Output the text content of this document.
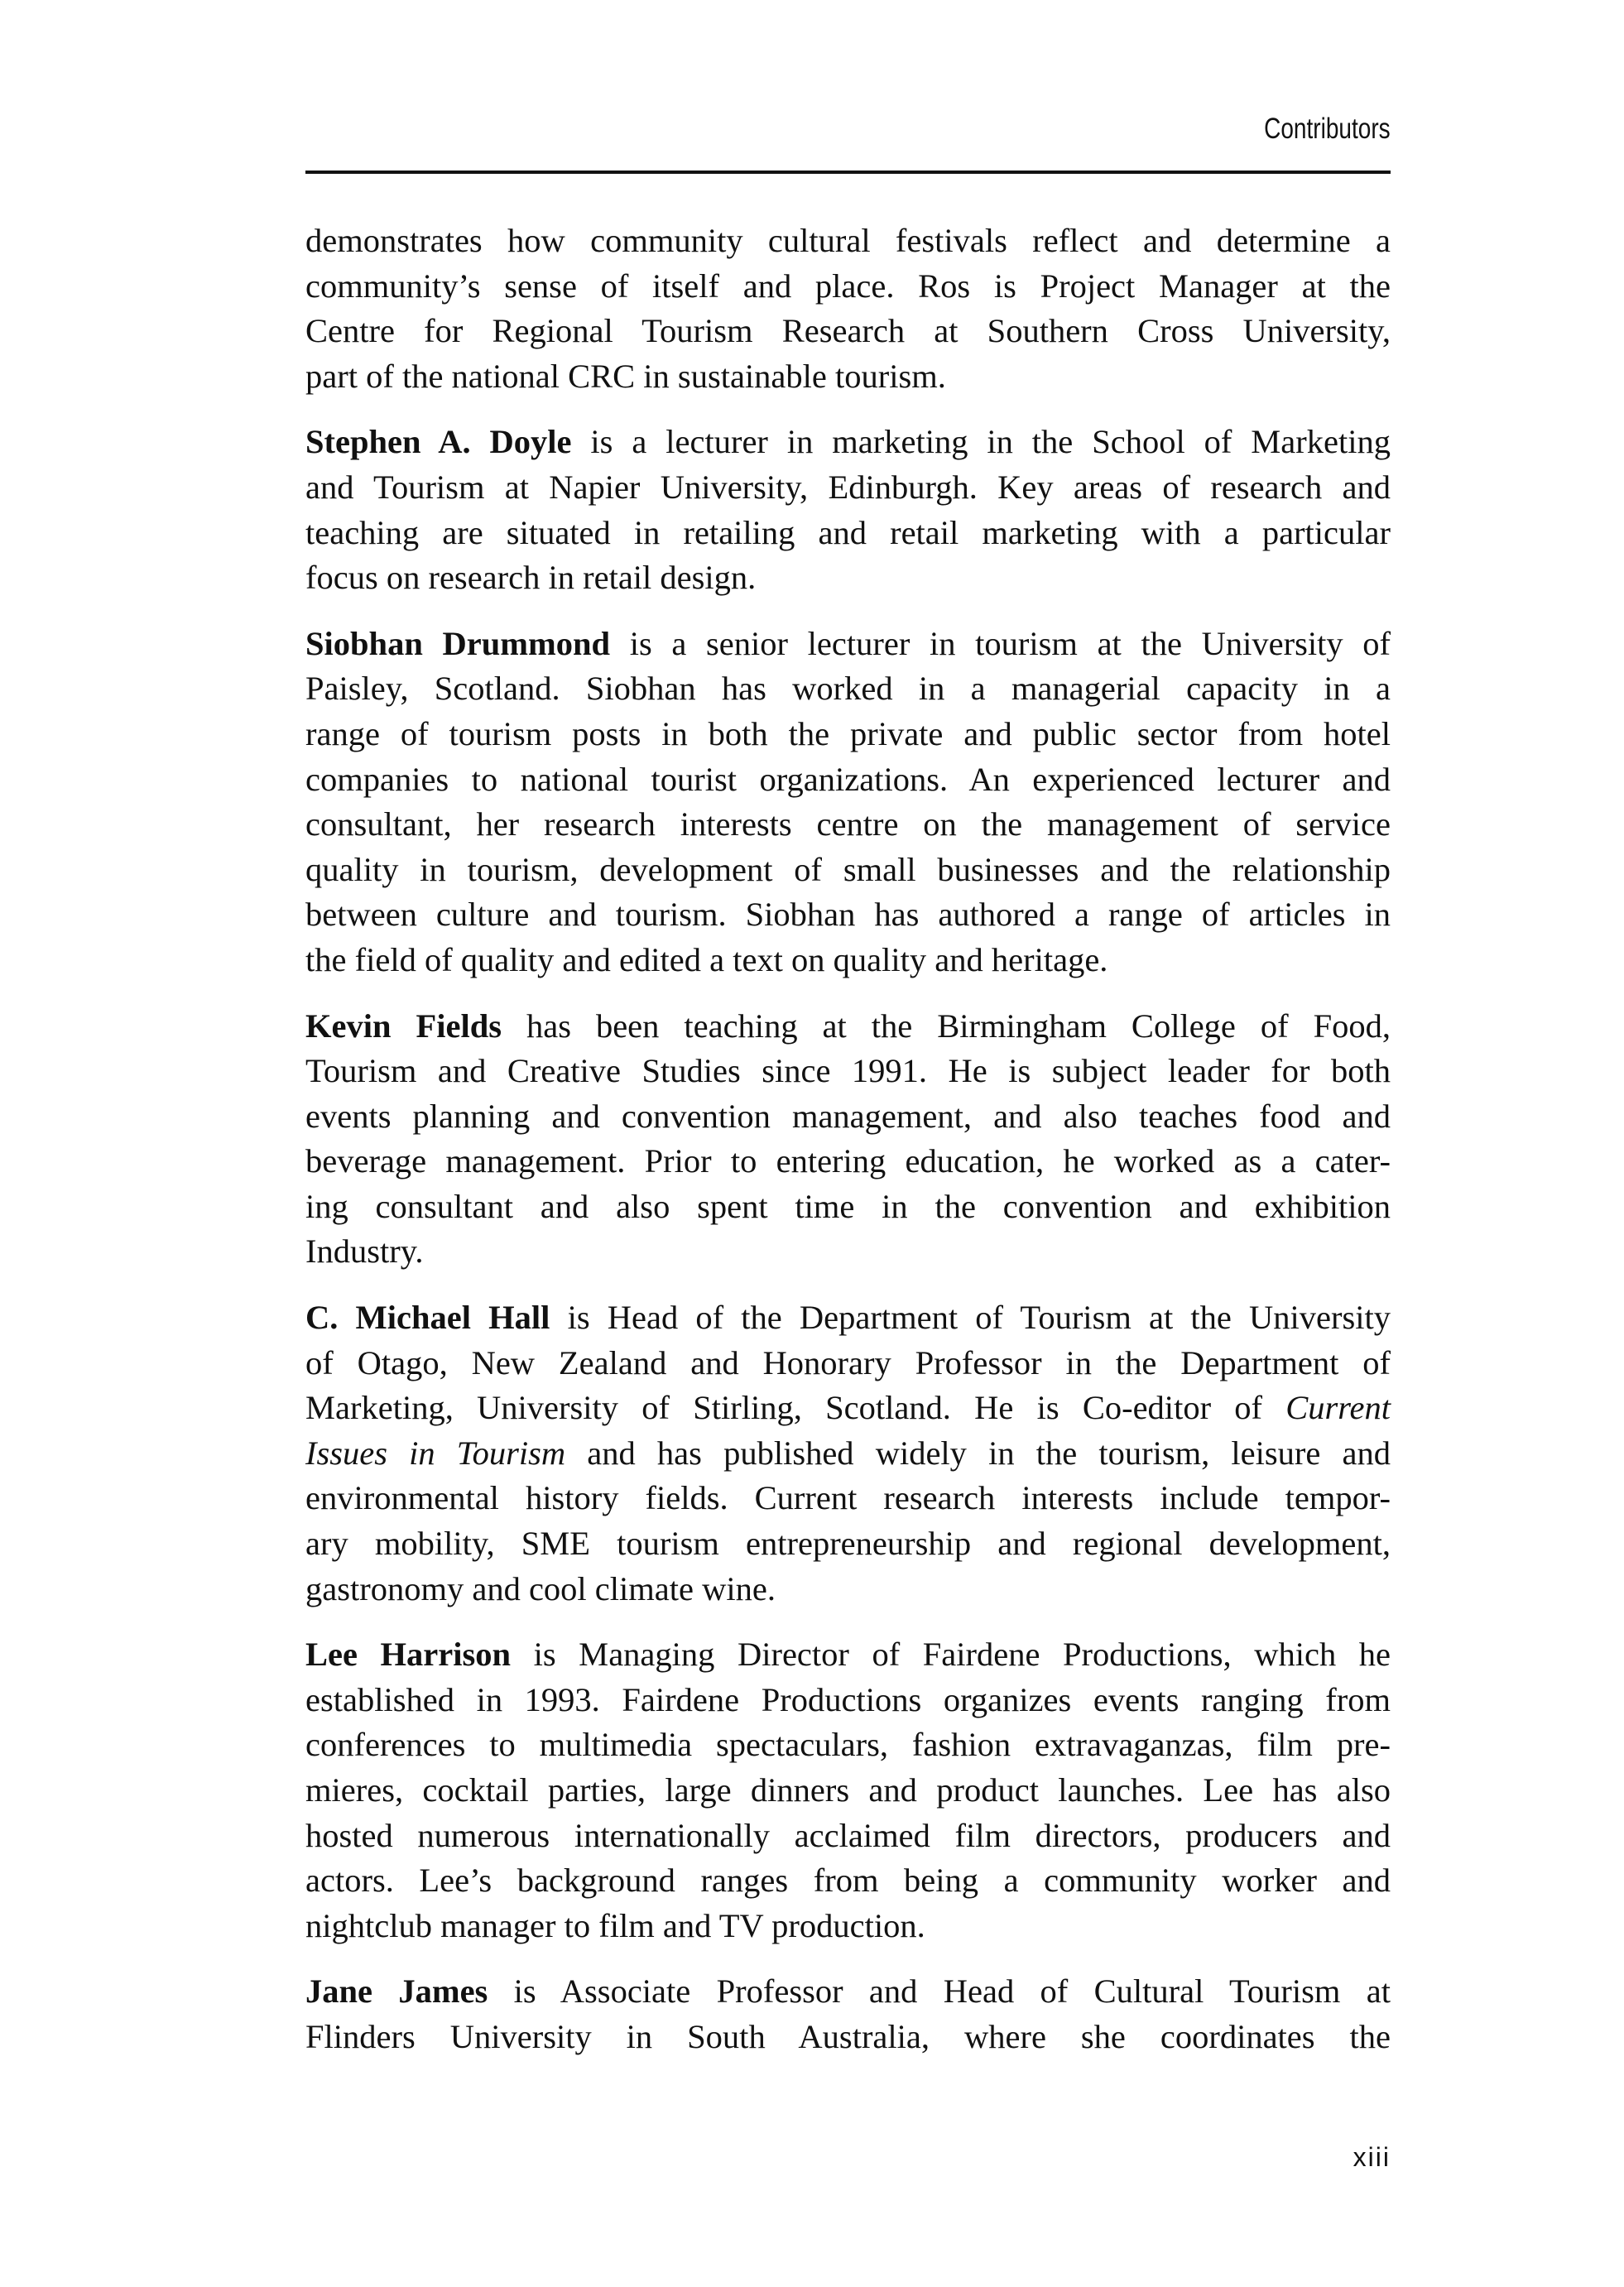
Contributors
demonstrates how community cultural festivals reflect and determine a
community’s sense of itself and place. Ros is Project Manager at the
Centre for Regional Tourism Research at Southern Cross University,
part of the national CRC in sustainable tourism.
Stephen A. Doyle is a lecturer in marketing in the School of Marketing
and Tourism at Napier University, Edinburgh. Key areas of research and
teaching are situated in retailing and retail marketing with a particular
focus on research in retail design.
Siobhan Drummond is a senior lecturer in tourism at the University of
Paisley, Scotland. Siobhan has worked in a managerial capacity in a
range of tourism posts in both the private and public sector from hotel
companies to national tourist organizations. An experienced lecturer and
consultant, her research interests centre on the management of service
quality in tourism, development of small businesses and the relationship
between culture and tourism. Siobhan has authored a range of articles in
the field of quality and edited a text on quality and heritage.
Kevin Fields has been teaching at the Birmingham College of Food,
Tourism and Creative Studies since 1991. He is subject leader for both
events planning and convention management, and also teaches food and
beverage management. Prior to entering education, he worked as a cater-
ing consultant and also spent time in the convention and exhibition
Industry.
C. Michael Hall is Head of the Department of Tourism at the University
of Otago, New Zealand and Honorary Professor in the Department of
Marketing, University of Stirling, Scotland. He is Co-editor of Current
Issues in Tourism and has published widely in the tourism, leisure and
environmental history fields. Current research interests include tempor-
ary mobility, SME tourism entrepreneurship and regional development,
gastronomy and cool climate wine.
Lee Harrison is Managing Director of Fairdene Productions, which he
established in 1993. Fairdene Productions organizes events ranging from
conferences to multimedia spectaculars, fashion extravaganzas, film pre-
mieres, cocktail parties, large dinners and product launches. Lee has also
hosted numerous internationally acclaimed film directors, producers and
actors. Lee’s background ranges from being a community worker and
nightclub manager to film and TV production.
Jane James is Associate Professor and Head of Cultural Tourism at
Flinders University in South Australia, where she coordinates the
xiii
